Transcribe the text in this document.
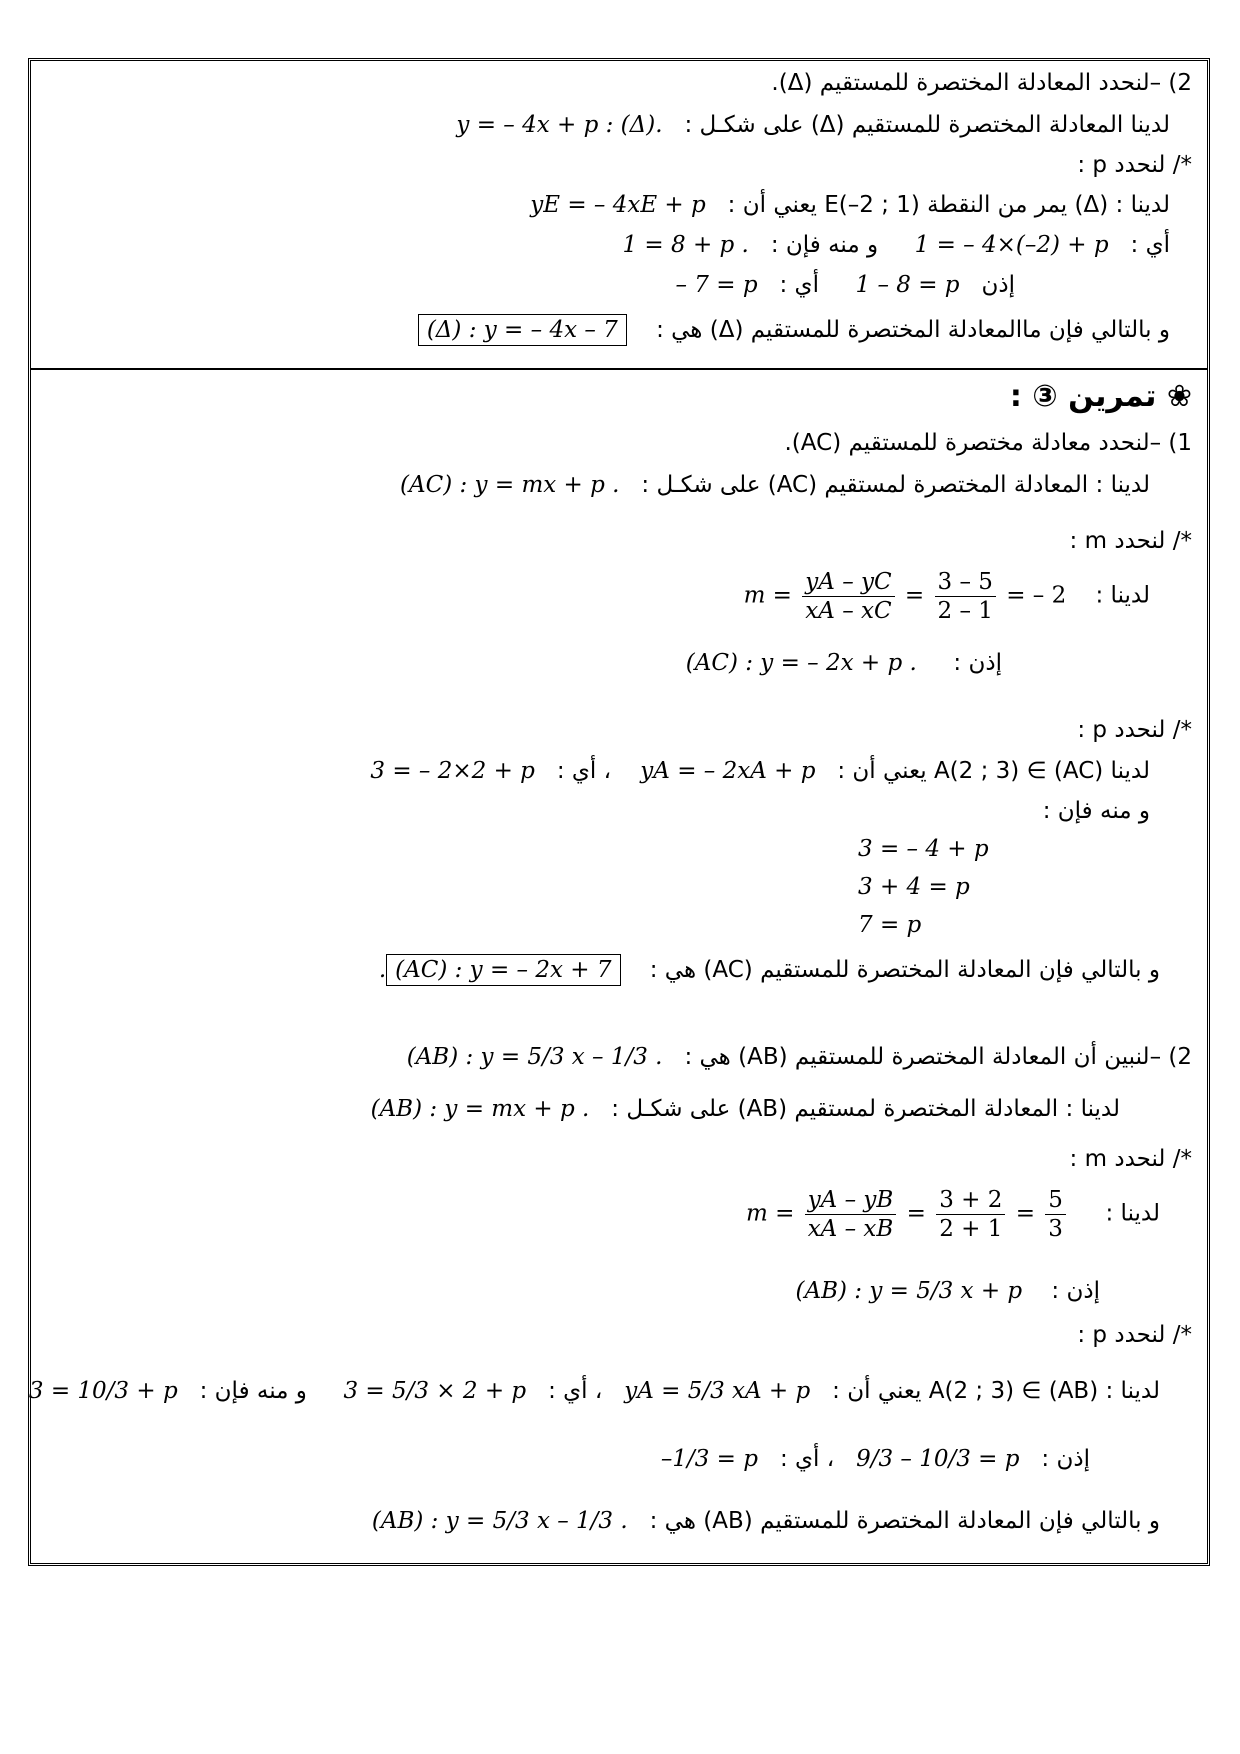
2) –لنحدد المعادلة المختصرة للمستقيم (Δ).
لدينا المعادلة المختصرة للمستقيم (Δ) على شكـل :   y = – 4x + p : (Δ).
*/ لنحدد p :
لدينا : (Δ) يمر من النقطة E(–2 ; 1) يعني أن :   yE = – 4xE + p
أي :   1 = – 4×(–2) + p     و منه فإن :   1 = 8 + p .
إذن   1 – 8 = p     أي :   – 7 = p
و بالتالي فإن ماالمعادلة المختصرة للمستقيم (Δ) هي :    (Δ) : y = – 4x – 7
❀ تمرين ③ :
1) –لنحدد معادلة مختصرة للمستقيم (AC).
لدينا : المعادلة المختصرة لمستقيم (AC) على شكـل :   (AC) : y = mx + p .
*/ لنحدد m :
لدينا :    $m = \frac{yA - yC}{xA - xC} = \frac{3 - 5}{2 - 1}$ = – 2
إذن :     (AC) : y = – 2x + p .
*/ لنحدد p :
لدينا A(2 ; 3) ∈ (AC) يعني أن :   yA = – 2xA + p    ، أي :   3 = – 2×2 + p
و منه فإن :
3 = – 4 + p
3 + 4 = p
7 = p
و بالتالي فإن المعادلة المختصرة للمستقيم (AC) هي :    (AC) : y = – 2x + 7.
2) –لنبين أن المعادلة المختصرة للمستقيم (AB) هي :   (AB) : y = 5/3 x – 1/3 .
لدينا : المعادلة المختصرة لمستقيم (AB) على شكـل :   (AB) : y = mx + p .
*/ لنحدد m :
لدينا :     $m = \frac{yA - yB}{xA - xB} = \frac{3 + 2}{2 + 1} = \frac{5}{3}$
إذن :    (AB) : y = 5/3 x + p
*/ لنحدد p :
لدينا : A(2 ; 3) ∈ (AB) يعني أن :   yA = 5/3 xA + p   ، أي :   3 = 5/3 × 2 + p     و منه فإن :   3 = 10/3 + p
إذن :   9/3 – 10/3 = p   ، أي :   –1/3 = p
و بالتالي فإن المعادلة المختصرة للمستقيم (AB) هي :   (AB) : y = 5/3 x – 1/3 .
